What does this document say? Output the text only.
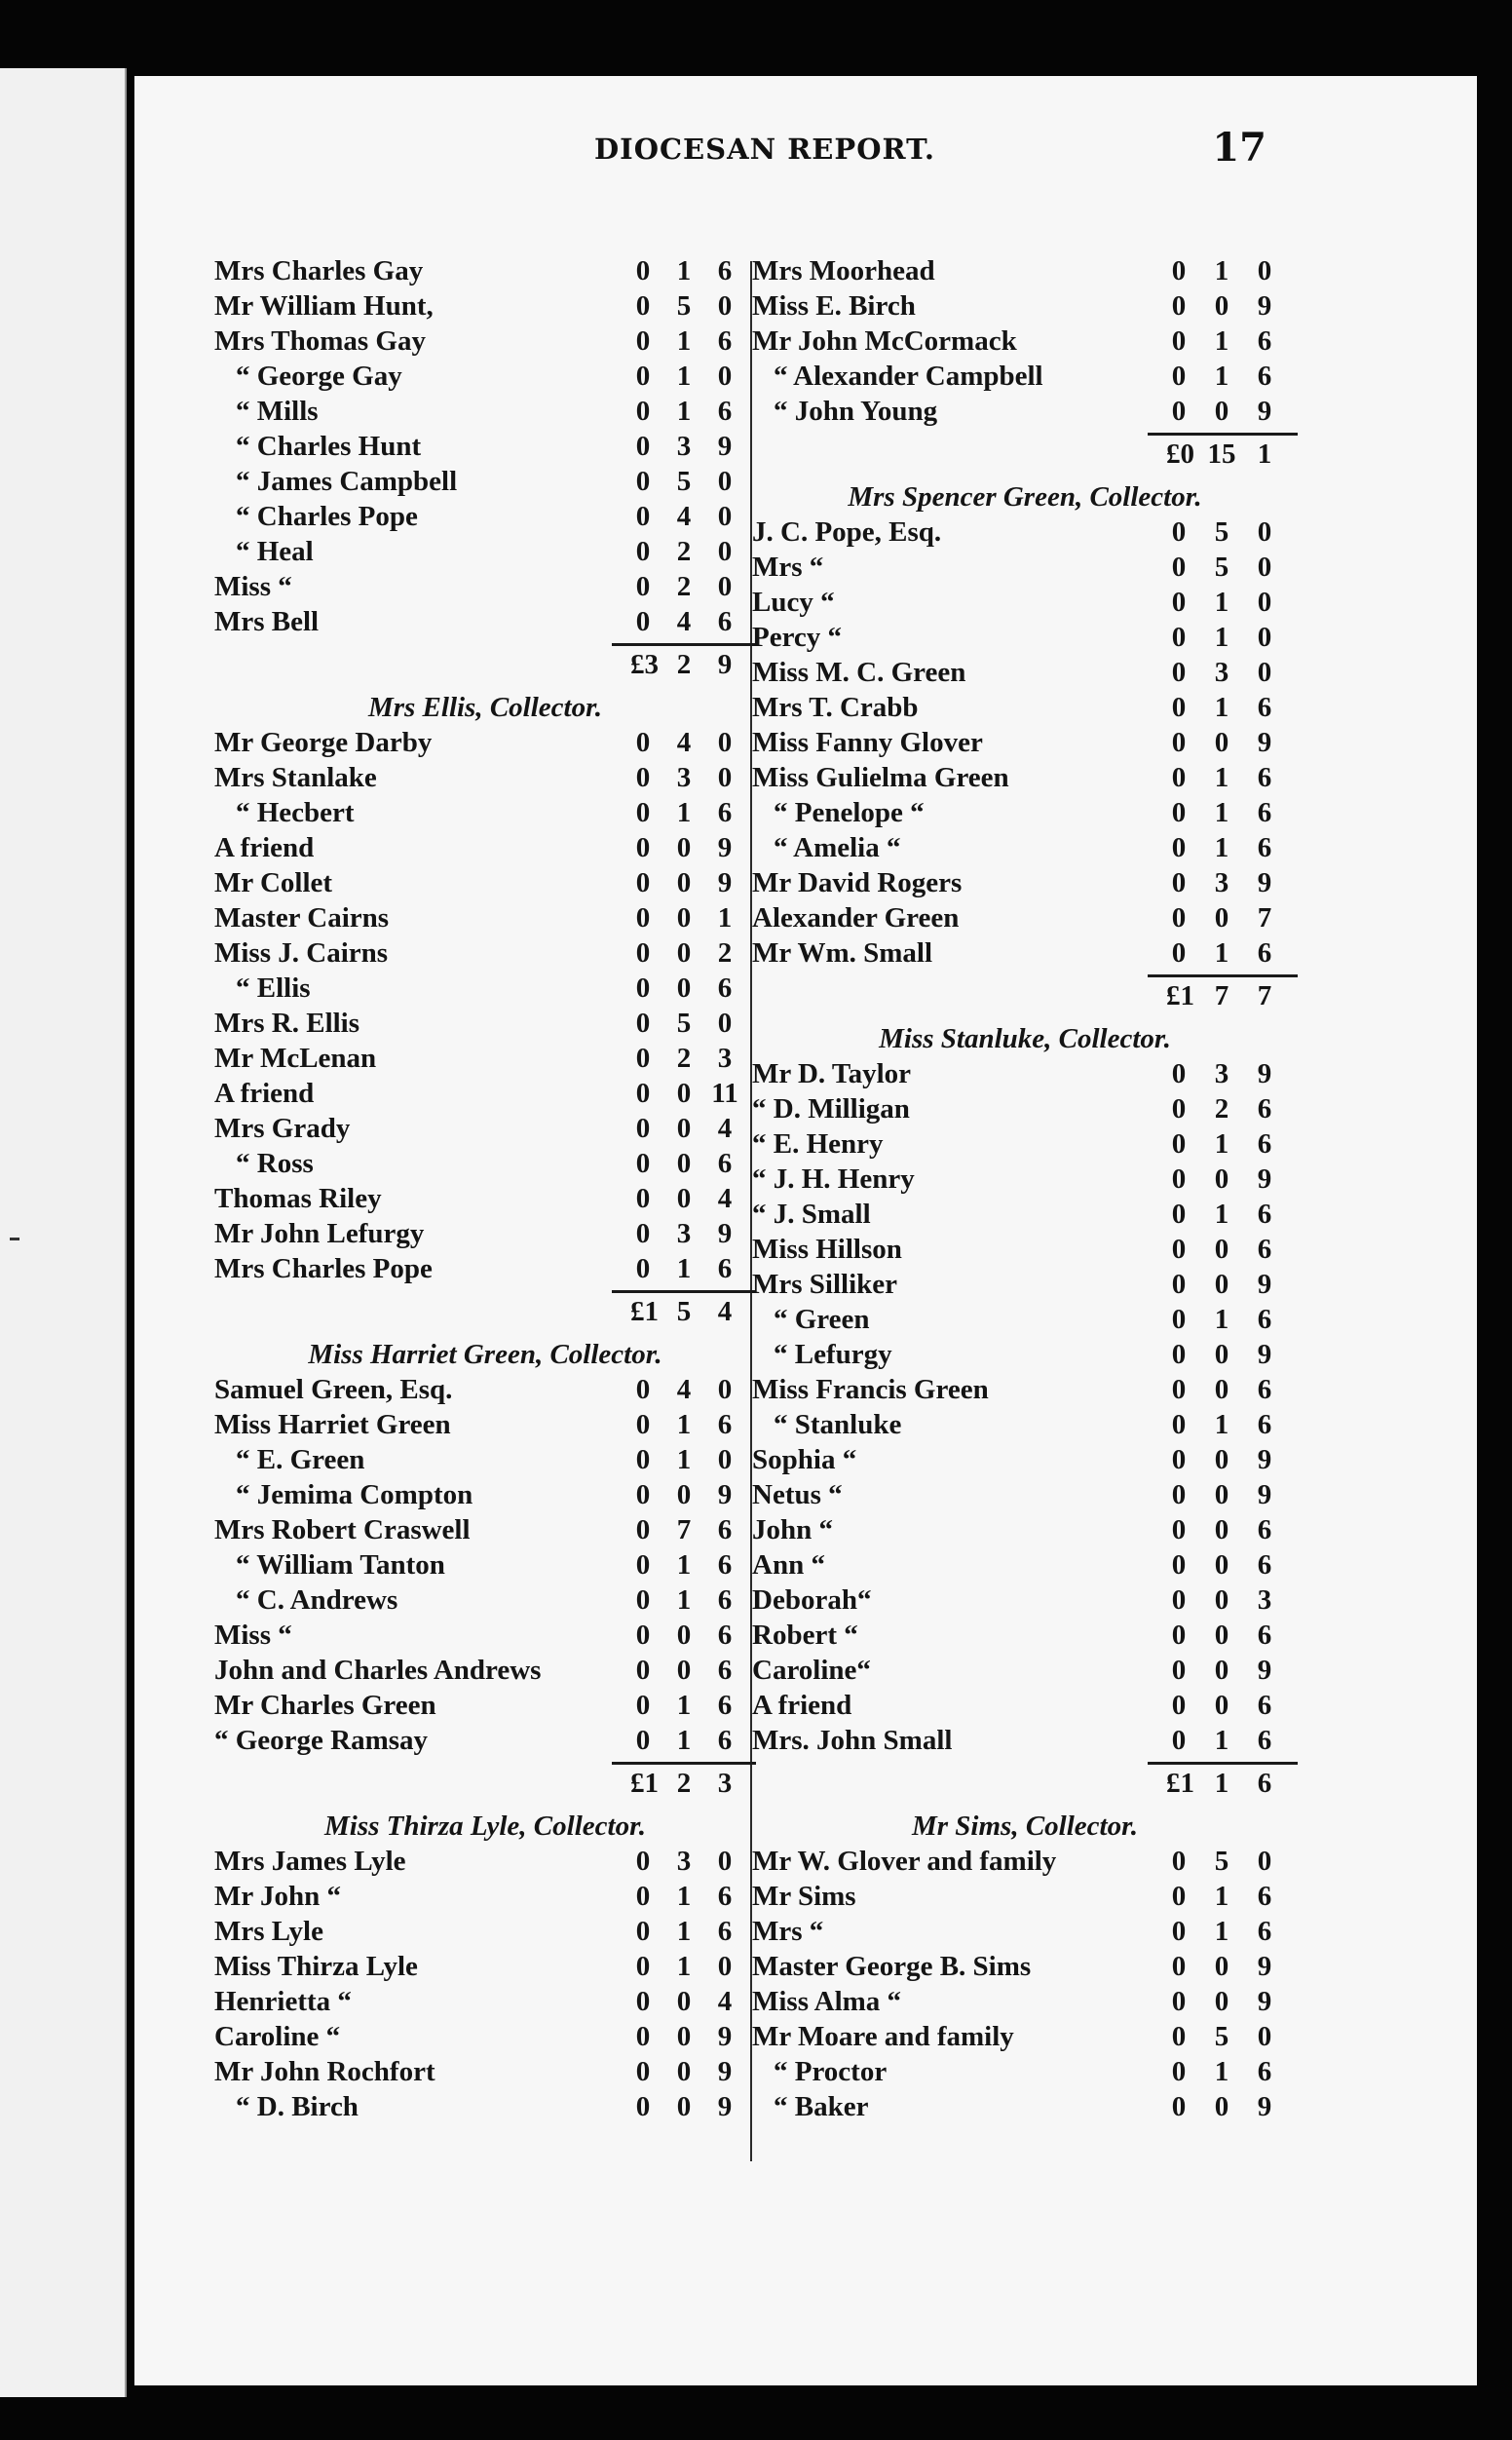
DIOCESAN REPORT.	17
Mrs Charles Gay	0 1 6
Mr William Hunt,	0 5 0
Mrs Thomas Gay	0 1 6
“ George Gay	0 1 0
“ Mills	0 1 6
“ Charles Hunt	0 3 9
“ James Campbell	0 5 0
“ Charles Pope	0 4 0
“ Heal	0 2 0
Miss “	0 2 0
Mrs Bell	0 4 6
£3 2 9
Mrs Ellis, Collector.
Mr George Darby	0 4 0
Mrs Stanlake	0 3 0
“ Hecbert	0 1 6
A friend	0 0 9
Mr Collet	0 0 9
Master Cairns	0 0 1
Miss J. Cairns	0 0 2
“ Ellis	0 0 6
Mrs R. Ellis	0 5 0
Mr McLenan	0 2 3
A friend	0 0 11
Mrs Grady	0 0 4
“ Ross	0 0 6
Thomas Riley	0 0 4
Mr John Lefurgy	0 3 9
Mrs Charles Pope	0 1 6
£1 5 4
Miss Harriet Green, Collector.
Samuel Green, Esq.	0 4 0
Miss Harriet Green	0 1 6
“ E. Green	0 1 0
“ Jemima Compton	0 0 9
Mrs Robert Craswell	0 7 6
“ William Tanton	0 1 6
“ C. Andrews	0 1 6
Miss “	0 0 6
John and Charles Andrews	0 0 6
Mr Charles Green	0 1 6
“ George Ramsay	0 1 6
£1 2 3
Miss Thirza Lyle, Collector.
Mrs James Lyle	0 3 0
Mr John “	0 1 6
Mrs Lyle	0 1 6
Miss Thirza Lyle	0 1 0
Henrietta “	0 0 4
Caroline “	0 0 9
Mr John Rochfort	0 0 9
“ D. Birch	0 0 9
Mrs Moorhead	0	1	0
Miss E. Birch	0	0	9
Mr John McCormack	0	1	6
“ Alexander Campbell	0	1	6
“ John Young	0	0	9
£0 15 1
Mrs Spencer Green, Collector.
J. C. Pope, Esq.	0	5	0
Mrs “	0	5	0
Lucy “	0	1	0
Percy “	0	1	0
Miss M. C. Green	0	3	0
Mrs T. Crabb	0	1	6
Miss Fanny Glover	0	0	9
Miss Gulielma Green	0	1	6
“ Penelope “	0	1	6
“ Amelia “	0	1	6
Mr David Rogers	0	3	9
Alexander Green	0	0	7
Mr Wm. Small	0	1	6
£1 7	7
Miss Stanluke, Collector.
Mr D. Taylor	0	3	9
“ D. Milligan	0	2	6
“ E. Henry	0	1	6
“ J. H. Henry	0	0	9
“ J. Small	0	1	6
Miss Hillson	0	0	6
Mrs Silliker	0	0	9
“ Green	0	1	6
“ Lefurgy	0	0	9
Miss Francis Green	0	0	6
“ Stanluke	0	1	6
Sophia “	0	0	9
Netus “	0	0	9
John “	0	0	6
Ann “	0	0	6
Deborah“	0	0	3
Robert “	0	0	6
Caroline“	0	0	9
A friend	0	0	6
Mrs. John Small	0	1	6
£1 1	6
Mr Sims, Collector.
Mr W. Glover and family	0	5	0
Mr Sims	0	1	6
Mrs “	0	1	6
Master George B. Sims	0	0	9
Miss Alma “	0	0	9
Mr Moare and family	0	5	0
“ Proctor	0	1	6
“ Baker	0	0	9
